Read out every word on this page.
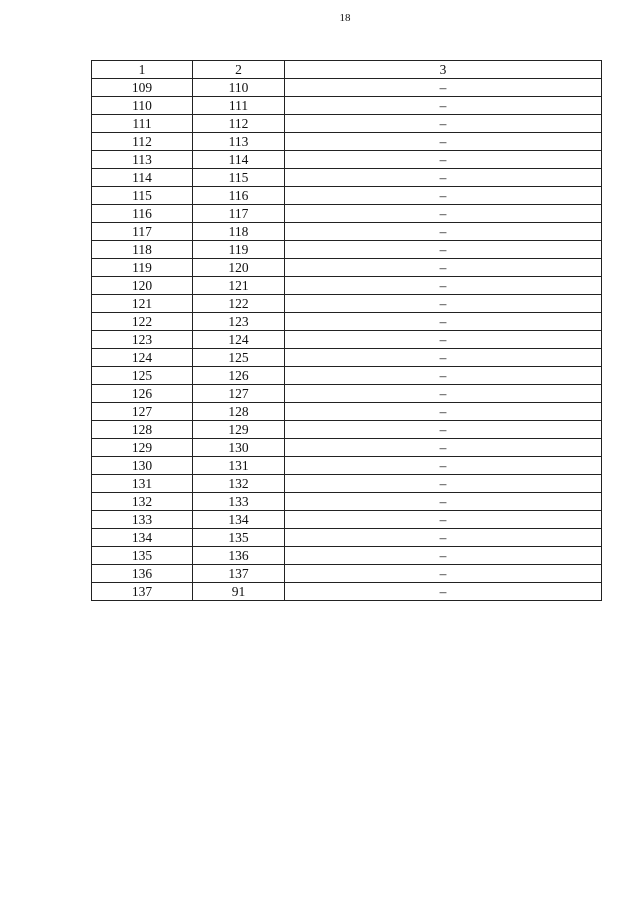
18
1	2	3
109	110	–
110	111	–
111	112	–
112	113	–
113	114	–
114	115	–
115	116	–
116	117	–
117	118	–
118	119	–
119	120	–
120	121	–
121	122	–
122	123	–
123	124	–
124	125	–
125	126	–
126	127	–
127	128	–
128	129	–
129	130	–
130	131	–
131	132	–
132	133	–
133	134	–
134	135	–
135	136	–
136	137	–
137	91	–
